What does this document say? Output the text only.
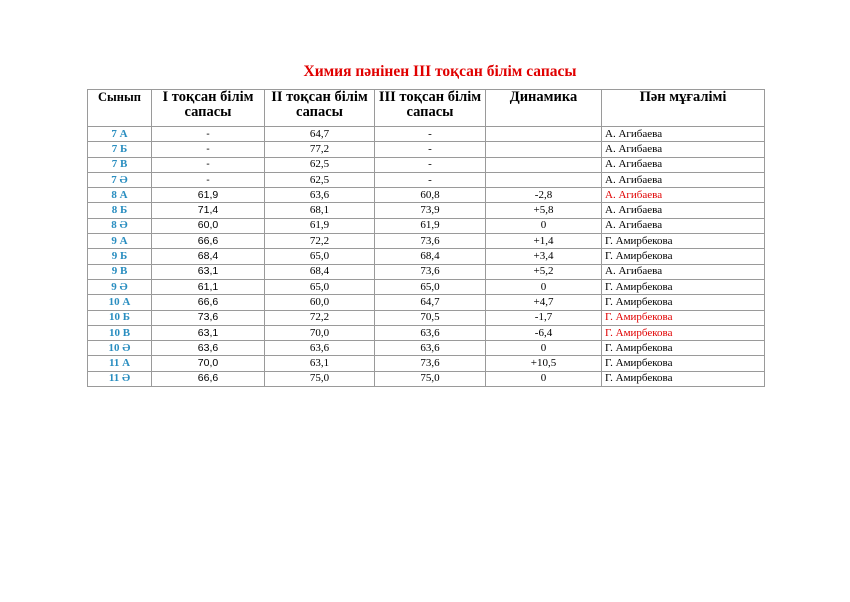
Химия пәнінен III тоқсан білім сапасы
Сынып	I тоқсан білім сапасы	II тоқсан білім сапасы	III тоқсан білім сапасы	Динамика	Пән мұғалімі
7 А	-	64,7	-		А. Агибаева
7 Б	-	77,2	-		А. Агибаева
7 В	-	62,5	-		А. Агибаева
7 Ә	-	62,5	-		А. Агибаева
8 А	61,9	63,6	60,8	-2,8	А. Агибаева
8 Б	71,4	68,1	73,9	+5,8	А. Агибаева
8 Ә	60,0	61,9	61,9	0	А. Агибаева
9 А	66,6	72,2	73,6	+1,4	Г. Амирбекова
9 Б	68,4	65,0	68,4	+3,4	Г. Амирбекова
9 В	63,1	68,4	73,6	+5,2	А. Агибаева
9 Ә	61,1	65,0	65,0	0	Г. Амирбекова
10 А	66,6	60,0	64,7	+4,7	Г. Амирбекова
10 Б	73,6	72,2	70,5	-1,7	Г. Амирбекова
10 В	63,1	70,0	63,6	-6,4	Г. Амирбекова
10 Ә	63,6	63,6	63,6	0	Г. Амирбекова
11 А	70,0	63,1	73,6	+10,5	Г. Амирбекова
11 Ә	66,6	75,0	75,0	0	Г. Амирбекова
